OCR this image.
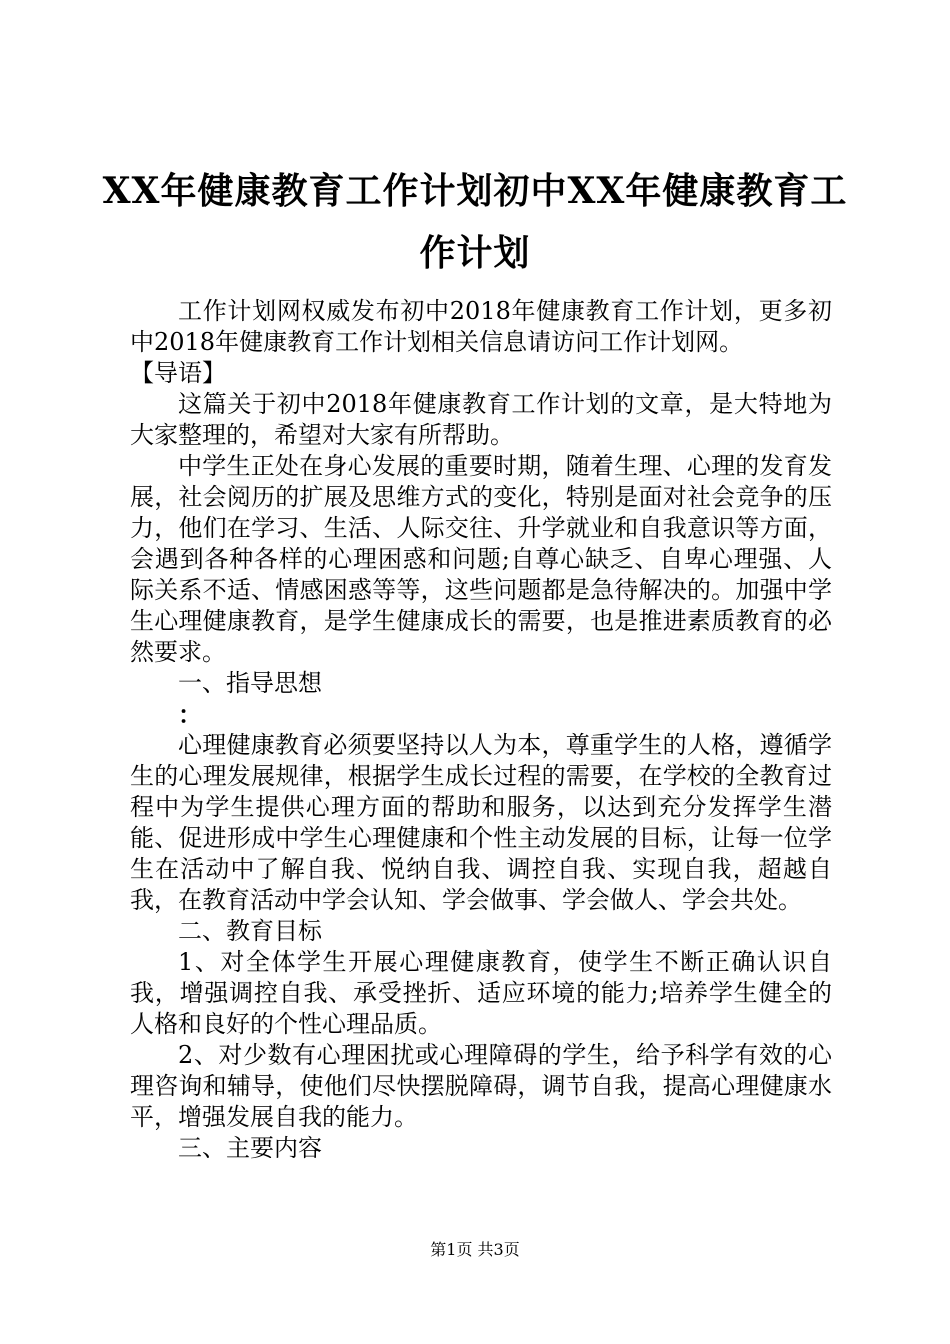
XX年健康教育工作计划初中XX年健康教育工作计划

工作计划网权威发布初中2018年健康教育工作计划，更多初中2018年健康教育工作计划相关信息请访问工作计划网。

【导语】

这篇关于初中2018年健康教育工作计划的文章，是大特地为大家整理的，希望对大家有所帮助。

中学生正处在身心发展的重要时期，随着生理、心理的发育发展，社会阅历的扩展及思维方式的变化，特别是面对社会竞争的压力，他们在学习、生活、人际交往、升学就业和自我意识等方面，会遇到各种各样的心理困惑和问题;自尊心缺乏、自卑心理强、人际关系不适、情感困惑等等，这些问题都是急待解决的。加强中学生心理健康教育，是学生健康成长的需要，也是推进素质教育的必然要求。

一、指导思想

：

心理健康教育必须要坚持以人为本，尊重学生的人格，遵循学生的心理发展规律，根据学生成长过程的需要，在学校的全教育过程中为学生提供心理方面的帮助和服务，以达到充分发挥学生潜能、促进形成中学生心理健康和个性主动发展的目标，让每一位学生在活动中了解自我、悦纳自我、调控自我、实现自我，超越自我，在教育活动中学会认知、学会做事、学会做人、学会共处。

二、教育目标

1、对全体学生开展心理健康教育，使学生不断正确认识自我，增强调控自我、承受挫折、适应环境的能力;培养学生健全的人格和良好的个性心理品质。

2、对少数有心理困扰或心理障碍的学生，给予科学有效的心理咨询和辅导，使他们尽快摆脱障碍，调节自我，提高心理健康水平，增强发展自我的能力。

三、主要内容

第1页 共3页
